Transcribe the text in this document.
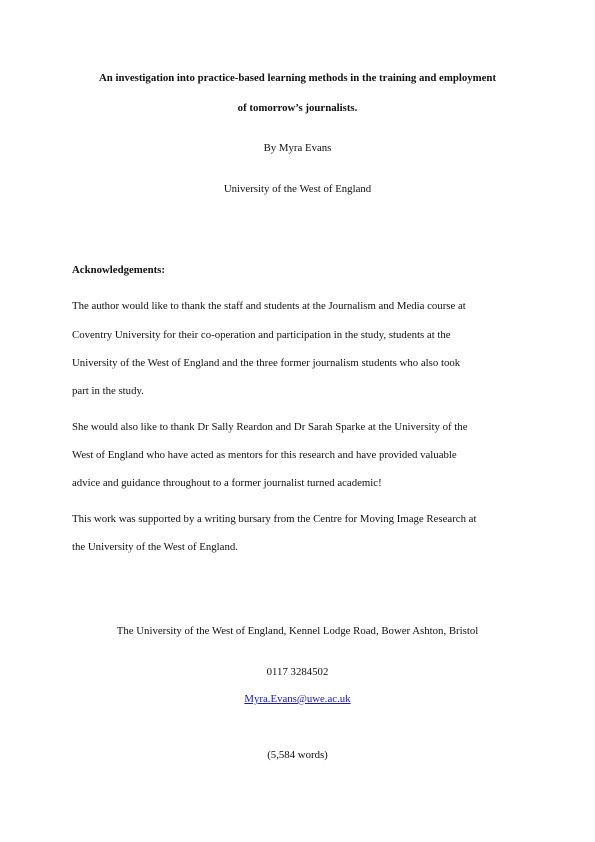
An investigation into practice-based learning methods in the training and employment
of tomorrow’s journalists.
By Myra Evans
University of the West of England
Acknowledgements:
The author would like to thank the staff and students at the Journalism and Media course at
Coventry University for their co-operation and participation in the study, students at the
University of the West of England and the three former journalism students who also took
part in the study.
She would also like to thank Dr Sally Reardon and Dr Sarah Sparke at the University of the
West of England who have acted as mentors for this research and have provided valuable
advice and guidance throughout to a former journalist turned academic!
This work was supported by a writing bursary from the Centre for Moving Image Research at
the University of the West of England.
The University of the West of England, Kennel Lodge Road, Bower Ashton, Bristol
0117 3284502
Myra.Evans@uwe.ac.uk
(5,584 words)
